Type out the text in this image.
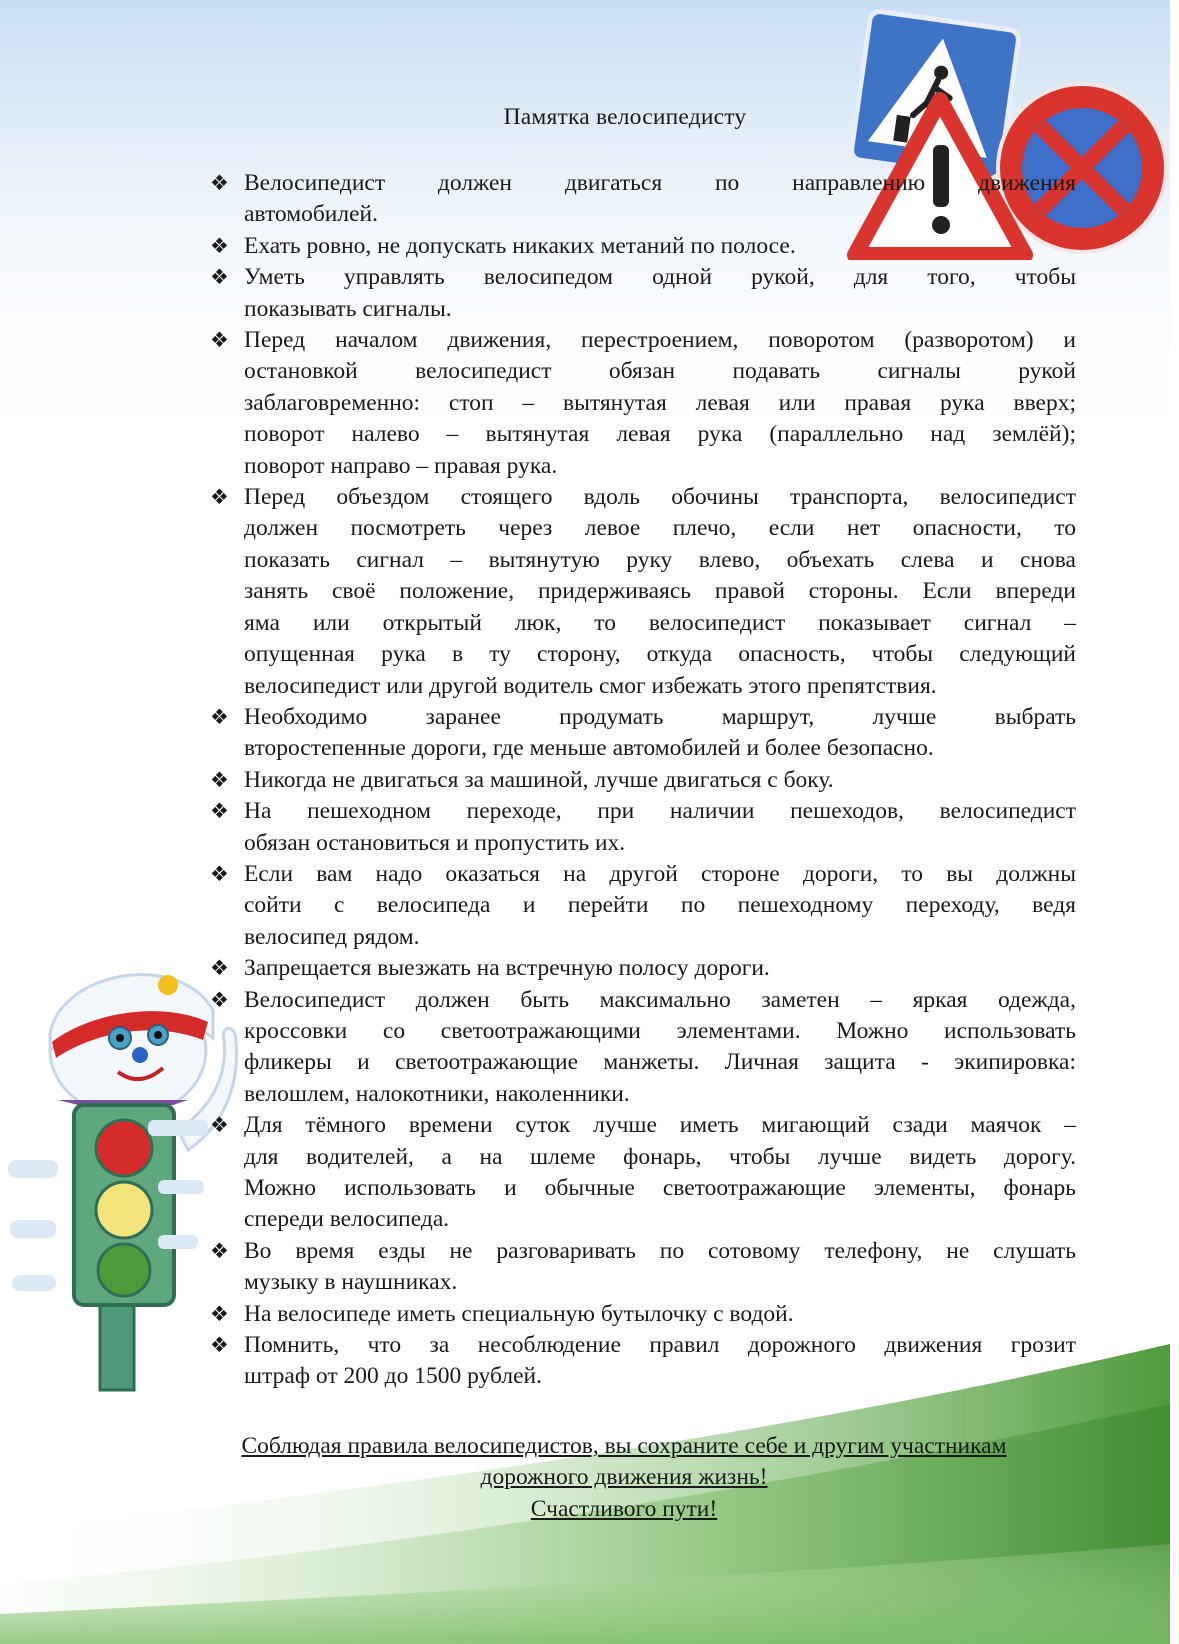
Памятка велосипедисту
❖ Велосипедист должен двигаться по направлению движения
автомобилей.
❖ Ехать ровно, не допускать никаких метаний по полосе.
❖ Уметь управлять велосипедом одной рукой, для того, чтобы
показывать сигналы.
❖ Перед началом движения, перестроением, поворотом (разворотом) и
остановкой велосипедист обязан подавать сигналы рукой
заблаговременно: стоп – вытянутая левая или правая рука вверх;
поворот налево – вытянутая левая рука (параллельно над землёй);
поворот направо – правая рука.
❖ Перед объездом стоящего вдоль обочины транспорта, велосипедист
должен посмотреть через левое плечо, если нет опасности, то
показать сигнал – вытянутую руку влево, объехать слева и снова
занять своё положение, придерживаясь правой стороны. Если впереди
яма или открытый люк, то велосипедист показывает сигнал –
опущенная рука в ту сторону, откуда опасность, чтобы следующий
велосипедист или другой водитель смог избежать этого препятствия.
❖ Необходимо заранее продумать маршрут, лучше выбрать
второстепенные дороги, где меньше автомобилей и более безопасно.
❖ Никогда не двигаться за машиной, лучше двигаться с боку.
❖ На пешеходном переходе, при наличии пешеходов, велосипедист
обязан остановиться и пропустить их.
❖ Если вам надо оказаться на другой стороне дороги, то вы должны
сойти с велосипеда и перейти по пешеходному переходу, ведя
велосипед рядом.
❖ Запрещается выезжать на встречную полосу дороги.
❖ Велосипедист должен быть максимально заметен – яркая одежда,
кроссовки со светоотражающими элементами. Можно использовать
фликеры и светоотражающие манжеты. Личная защита - экипировка:
велошлем, налокотники, наколенники.
❖ Для тёмного времени суток лучше иметь мигающий сзади маячок –
для водителей, а на шлеме фонарь, чтобы лучше видеть дорогу.
Можно использовать и обычные светоотражающие элементы, фонарь
спереди велосипеда.
❖ Во время езды не разговаривать по сотовому телефону, не слушать
музыку в наушниках.
❖ На велосипеде иметь специальную бутылочку с водой.
❖ Помнить, что за несоблюдение правил дорожного движения грозит
штраф от 200 до 1500 рублей.
Соблюдая правила велосипедистов, вы сохраните себе и другим участникам
дорожного движения жизнь!
Счастливого пути!
